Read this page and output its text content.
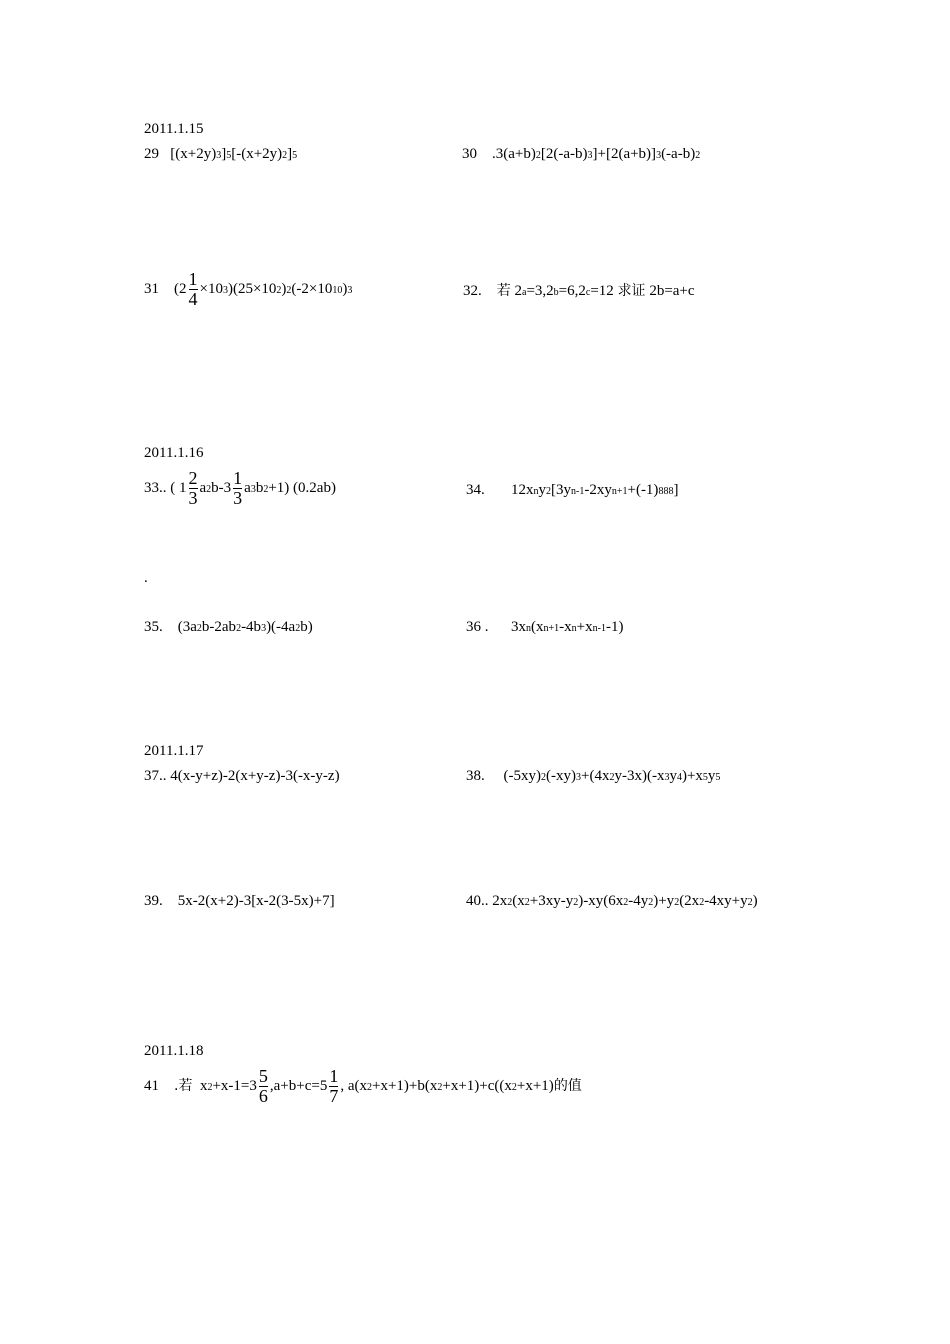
2011.1.15
29 [(x+2y)3]5[-(x+2y)2]5	30 .3(a+b)2[2(-a-b)3]+[2(a+b)]3(-a-b)2
31 $(2 \frac{1}{4} \times 103)(25\times 102)2(-2\times 1010)3$	32. 若 2a=3,2b=6,2c=12 求证 2b=a+c
2011.1.16
33.. ( $1 \frac{2}{3} a2b-3 \frac{1}{3} a3b2+1$) (0.2ab)	34. 12xny2[3yn-1-2xyn+1+(-1)888]
.
35. (3a2b-2ab2-4b3)(-4a2b)	36 . 3xn(xn+1-xn+xn-1-1)
2011.1.17
37.. 4(x-y+z)-2(x+y-z)-3(-x-y-z)	38. (-5xy)2(-xy)3+(4x2y-3x)(-x3y4)+x5y5
39. 5x-2(x+2)-3[x-2(3-5x)+7]	40.. 2x2(x2+3xy-y2)-xy(6x2-4y2)+y2(2x2-4xy+y2)
2011.1.18
41 .若 $x2+x-1=3 \frac{5}{6} ,a+b+c=5 \frac{1}{7}$ , a(x2+x+1)+b(x2+x+1)+c((x2+x+1)的值
